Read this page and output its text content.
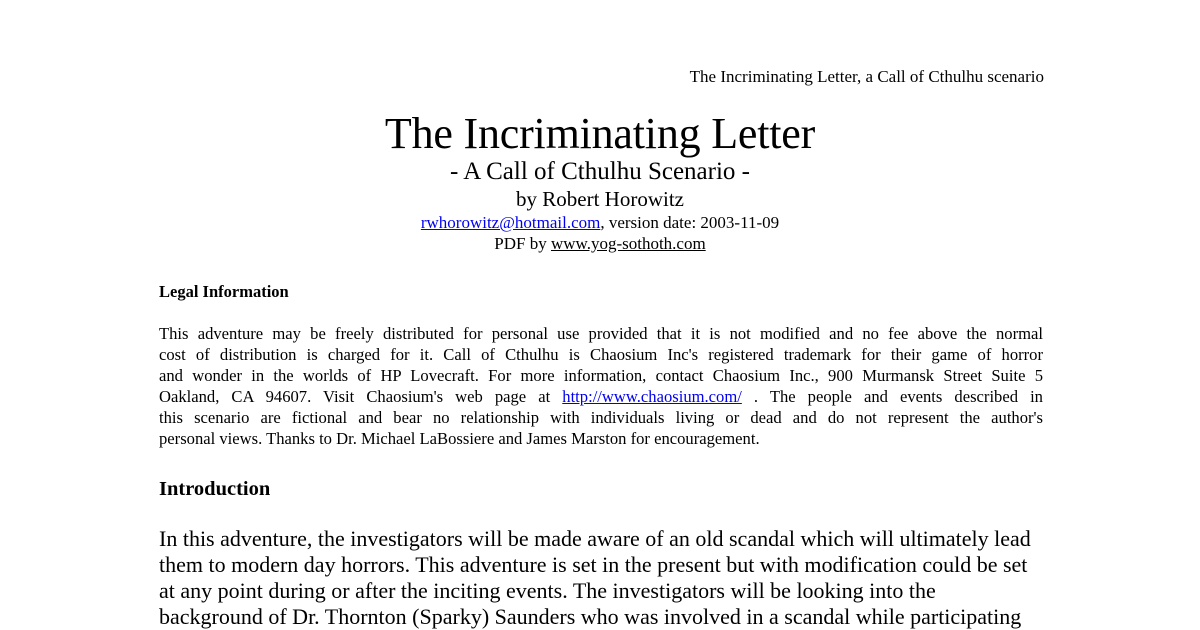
The Incriminating Letter, a Call of Cthulhu scenario
The Incriminating Letter
- A Call of Cthulhu Scenario -
by Robert Horowitz
rwhorowitz@hotmail.com, version date: 2003-11-09
PDF by www.yog-sothoth.com
Legal Information
This adventure may be freely distributed for personal use provided that it is not modified and no fee above the normal
cost of distribution is charged for it. Call of Cthulhu is Chaosium Inc's registered trademark for their game of horror
and wonder in the worlds of HP Lovecraft. For more information, contact Chaosium Inc., 900 Murmansk Street Suite 5
Oakland, CA 94607. Visit Chaosium's web page at http://www.chaosium.com/ . The people and events described in
this scenario are fictional and bear no relationship with individuals living or dead and do not represent the author's
personal views. Thanks to Dr. Michael LaBossiere and James Marston for encouragement.
Introduction
In this adventure, the investigators will be made aware of an old scandal which will ultimately lead
them to modern day horrors. This adventure is set in the present but with modification could be set
at any point during or after the inciting events. The investigators will be looking into the
background of Dr. Thornton (Sparky) Saunders who was involved in a scandal while participating
